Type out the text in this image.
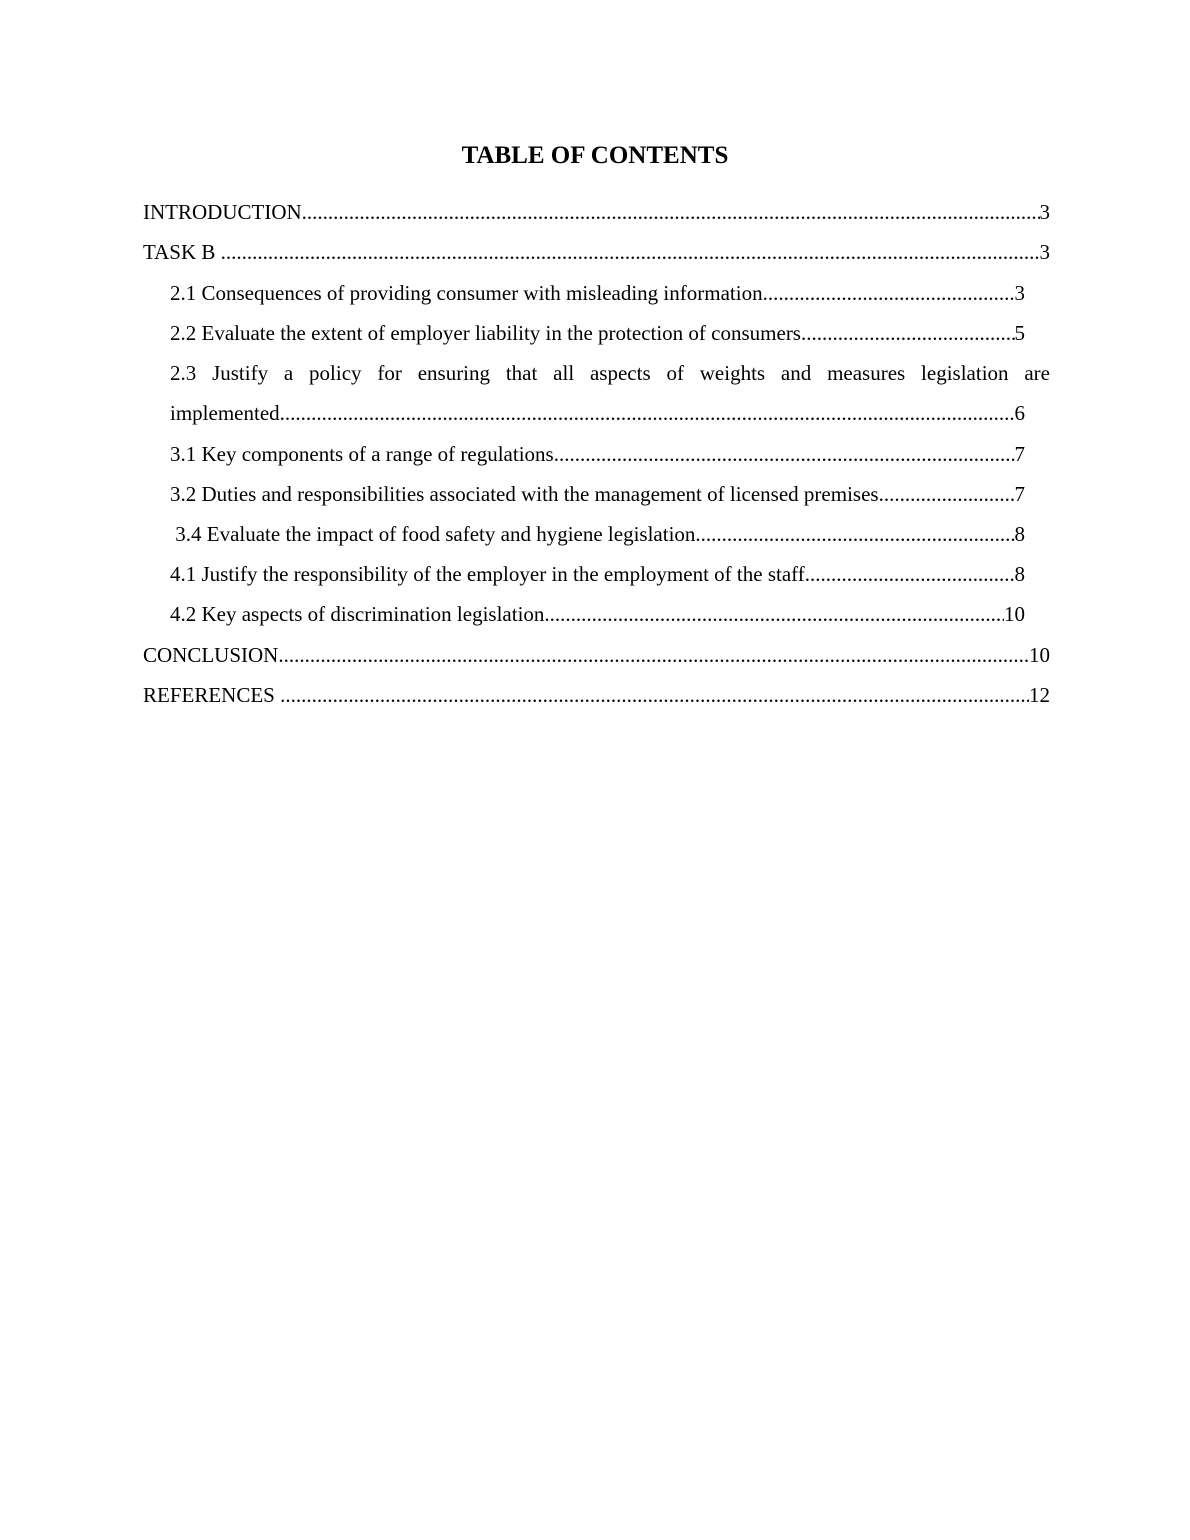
TABLE OF CONTENTS
INTRODUCTION .....	3
TASK B .....	3
2.1 Consequences of providing consumer with misleading information .....	3
2.2 Evaluate the extent of employer liability in the protection of consumers .....	5
2.3 Justify a policy for ensuring that all aspects of weights and measures legislation are
implemented .....	6
3.1 Key components of a range of regulations .....	7
3.2 Duties and responsibilities associated with the management of licensed premises .....	7
3.4 Evaluate the impact of food safety and hygiene legislation .....	8
4.1 Justify the responsibility of the employer in the employment of the staff .....	8
4.2 Key aspects of discrimination legislation .....	10
CONCLUSION .....	10
REFERENCES .....	12
